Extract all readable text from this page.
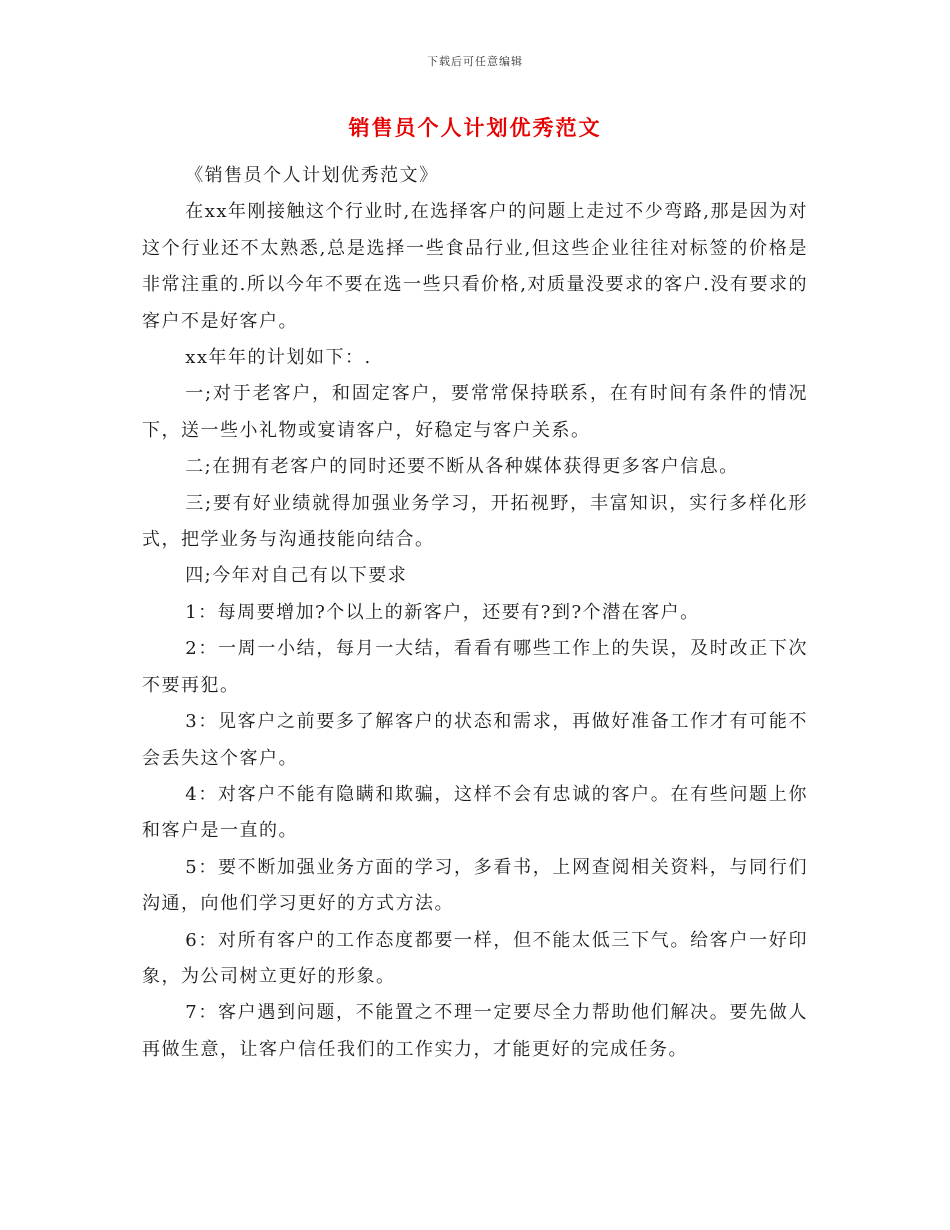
下载后可任意编辑
销售员个人计划优秀范文

《销售员个人计划优秀范文》

在xx年刚接触这个行业时,在选择客户的问题上走过不少弯路,那是因为对这个行业还不太熟悉,总是选择一些食品行业,但这些企业往往对标签的价格是非常注重的.所以今年不要在选一些只看价格,对质量没要求的客户.没有要求的客户不是好客户。

xx年年的计划如下：.

一;对于老客户，和固定客户，要常常保持联系，在有时间有条件的情况下，送一些小礼物或宴请客户，好稳定与客户关系。

二;在拥有老客户的同时还要不断从各种媒体获得更多客户信息。

三;要有好业绩就得加强业务学习，开拓视野，丰富知识，实行多样化形式，把学业务与沟通技能向结合。

四;今年对自己有以下要求

1：每周要增加?个以上的新客户，还要有?到?个潜在客户。

2：一周一小结，每月一大结，看看有哪些工作上的失误，及时改正下次不要再犯。

3：见客户之前要多了解客户的状态和需求，再做好准备工作才有可能不会丢失这个客户。

4：对客户不能有隐瞒和欺骗，这样不会有忠诚的客户。在有些问题上你和客户是一直的。

5：要不断加强业务方面的学习，多看书，上网查阅相关资料，与同行们沟通，向他们学习更好的方式方法。

6：对所有客户的工作态度都要一样，但不能太低三下气。给客户一好印象，为公司树立更好的形象。

7：客户遇到问题，不能置之不理一定要尽全力帮助他们解决。要先做人再做生意，让客户信任我们的工作实力，才能更好的完成任务。
